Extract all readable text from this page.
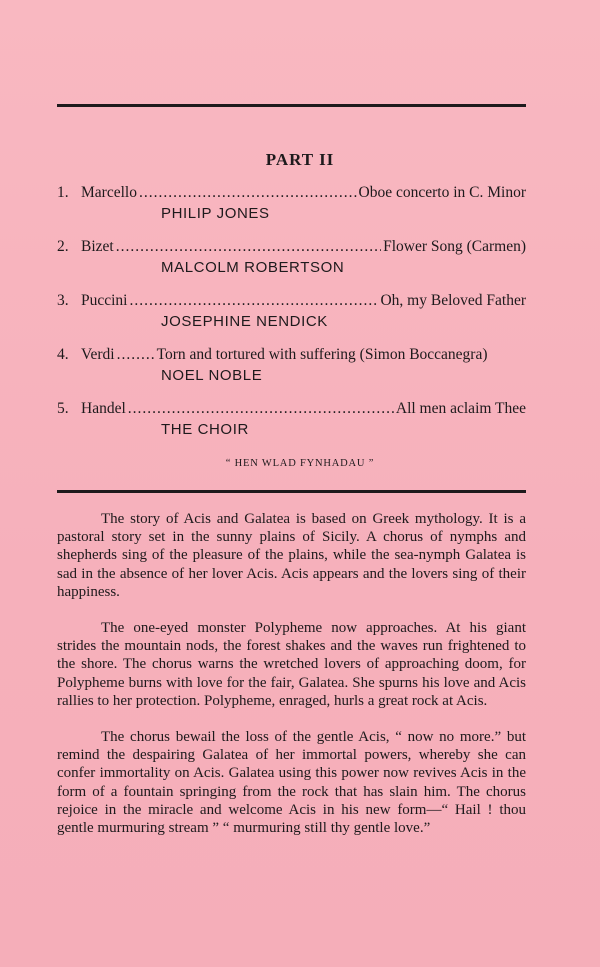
PART II
1. Marcello .....	Oboe concerto in C. Minor
PHILIP JONES
2. Bizet .....	Flower Song (Carmen)
MALCOLM ROBERTSON
3. Puccini .....	Oh, my Beloved Father
JOSEPHINE NENDICK
4. Verdi .....	Torn and tortured with suffering (Simon Boccanegra)
NOEL NOBLE
5. Handel .....	All men aclaim Thee
THE CHOIR
“ HEN WLAD FYNHADAU ”

The story of Acis and Galatea is based on Greek mythology. It is a pastoral story set in the sunny plains of Sicily. A chorus of nymphs and shepherds sing of the pleasure of the plains, while the sea-nymph Galatea is sad in the absence of her lover Acis. Acis appears and the lovers sing of their happiness.

The one-eyed monster Polypheme now approaches. At his giant strides the mountain nods, the forest shakes and the waves run frightened to the shore. The chorus warns the wretched lovers of approaching doom, for Polypheme burns with love for the fair, Galatea. She spurns his love and Acis rallies to her protection. Polypheme, enraged, hurls a great rock at Acis.

The chorus bewail the loss of the gentle Acis, “ now no more.” but remind the despairing Galatea of her immortal powers, whereby she can confer immortality on Acis. Galatea using this power now revives Acis in the form of a fountain springing from the rock that has slain him. The chorus rejoice in the miracle and welcome Acis in his new form—“ Hail ! thou gentle murmuring stream ” “ murmuring still thy gentle love.”
